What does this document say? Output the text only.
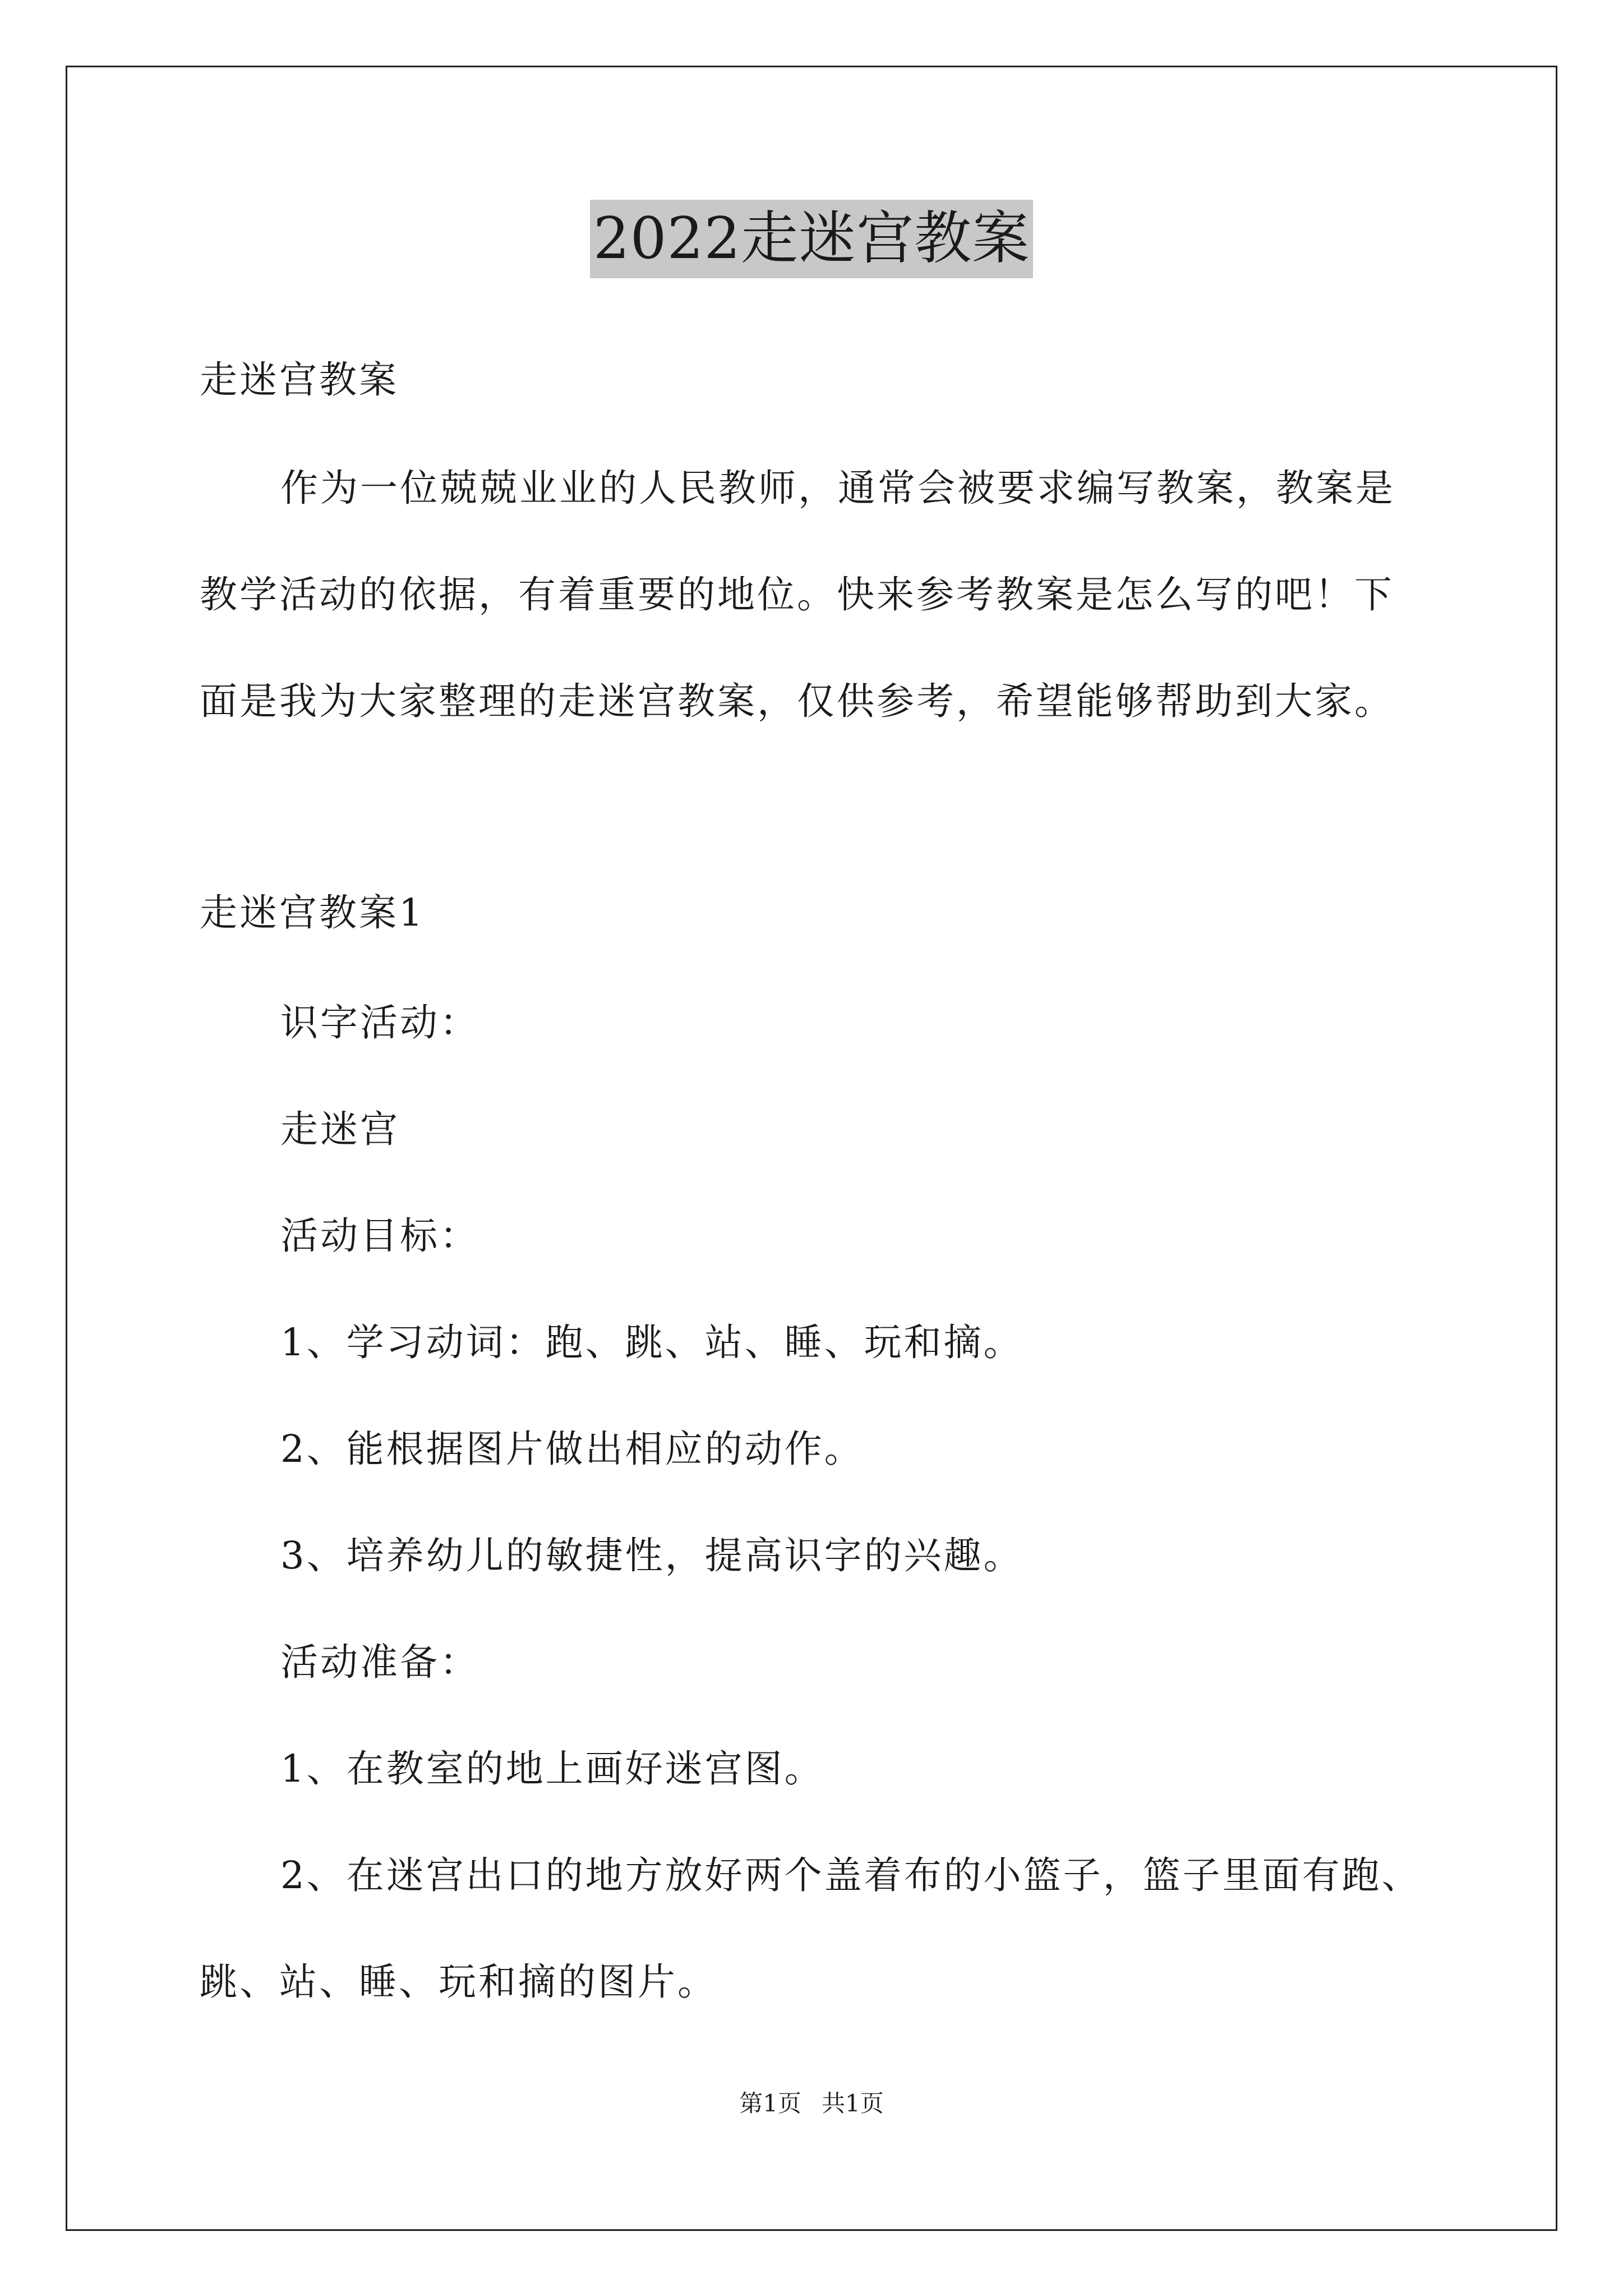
2022走迷宫教案
走迷宫教案
作为一位兢兢业业的人民教师，通常会被要求编写教案，教案是
教学活动的依据，有着重要的地位。快来参考教案是怎么写的吧！下
面是我为大家整理的走迷宫教案，仅供参考，希望能够帮助到大家。
走迷宫教案1
识字活动：
走迷宫
活动目标：
1、学习动词：跑、跳、站、睡、玩和摘。
2、能根据图片做出相应的动作。
3、培养幼儿的敏捷性，提高识字的兴趣。
活动准备：
1、在教室的地上画好迷宫图。
2、在迷宫出口的地方放好两个盖着布的小篮子，篮子里面有跑、
跳、站、睡、玩和摘的图片。
第1页 共1页
